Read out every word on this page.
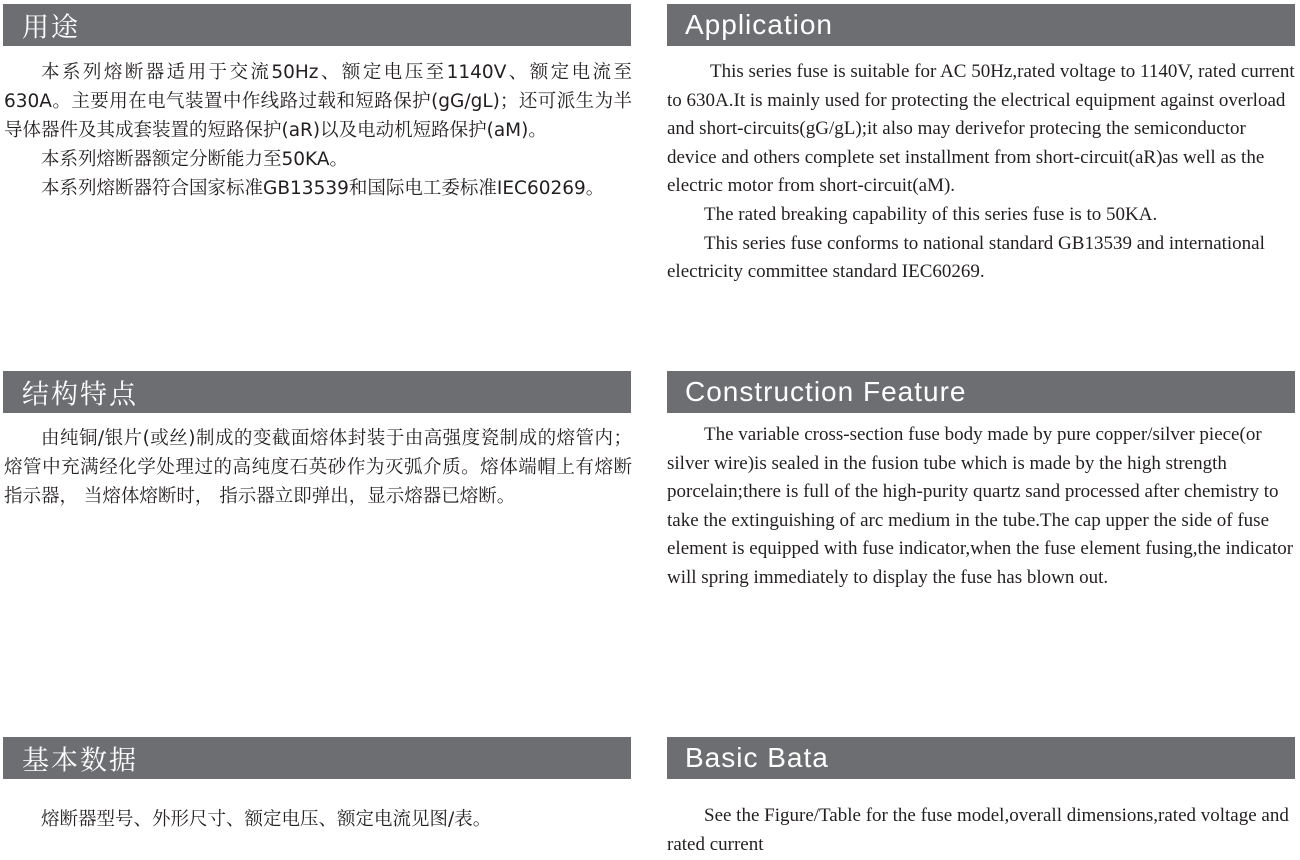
用途	Application

本系列熔断器适用于交流50Hz、额定电压至1140V、额定电流至630A。主要用在电气装置中作线路过载和短路保护(gG/gL)；还可派生为半导体器件及其成套装置的短路保护(aR)以及电动机短路保护(aM)。

本系列熔断器额定分断能力至50KA。

本系列熔断器符合国家标准GB13539和国际电工委标准IEC60269。

This series fuse is suitable for AC 50Hz,rated voltage to 1140V, rated current to 630A.It is mainly used for protecting the electrical equipment against overload and short-circuits(gG/gL);it also may derivefor protecing the semiconductor device and others complete set installment from short-circuit(aR)as well as the electric motor from short-circuit(aM).

The rated breaking capability of this series fuse is to 50KA.

This series fuse conforms to national standard GB13539 and international electricity committee standard IEC60269.

结构特点	Construction Feature

由纯铜/银片(或丝)制成的变截面熔体封装于由高强度瓷制成的熔管内；熔管中充满经化学处理过的高纯度石英砂作为灭弧介质。熔体端帽上有熔断指示器， 当熔体熔断时， 指示器立即弹出，显示熔器已熔断。

The variable cross-section fuse body made by pure copper/silver piece(or silver wire)is sealed in the fusion tube which is made by the high strength porcelain;there is full of the high-purity quartz sand processed after chemistry to take the extinguishing of arc medium in the tube.The cap upper the side of fuse element is equipped with fuse indicator,when the fuse element fusing,the indicator will spring immediately to display the fuse has blown out.

基本数据	Basic Bata

熔断器型号、外形尺寸、额定电压、额定电流见图/表。	See the Figure/Table for the fuse model,overall dimensions,rated voltage and rated current
